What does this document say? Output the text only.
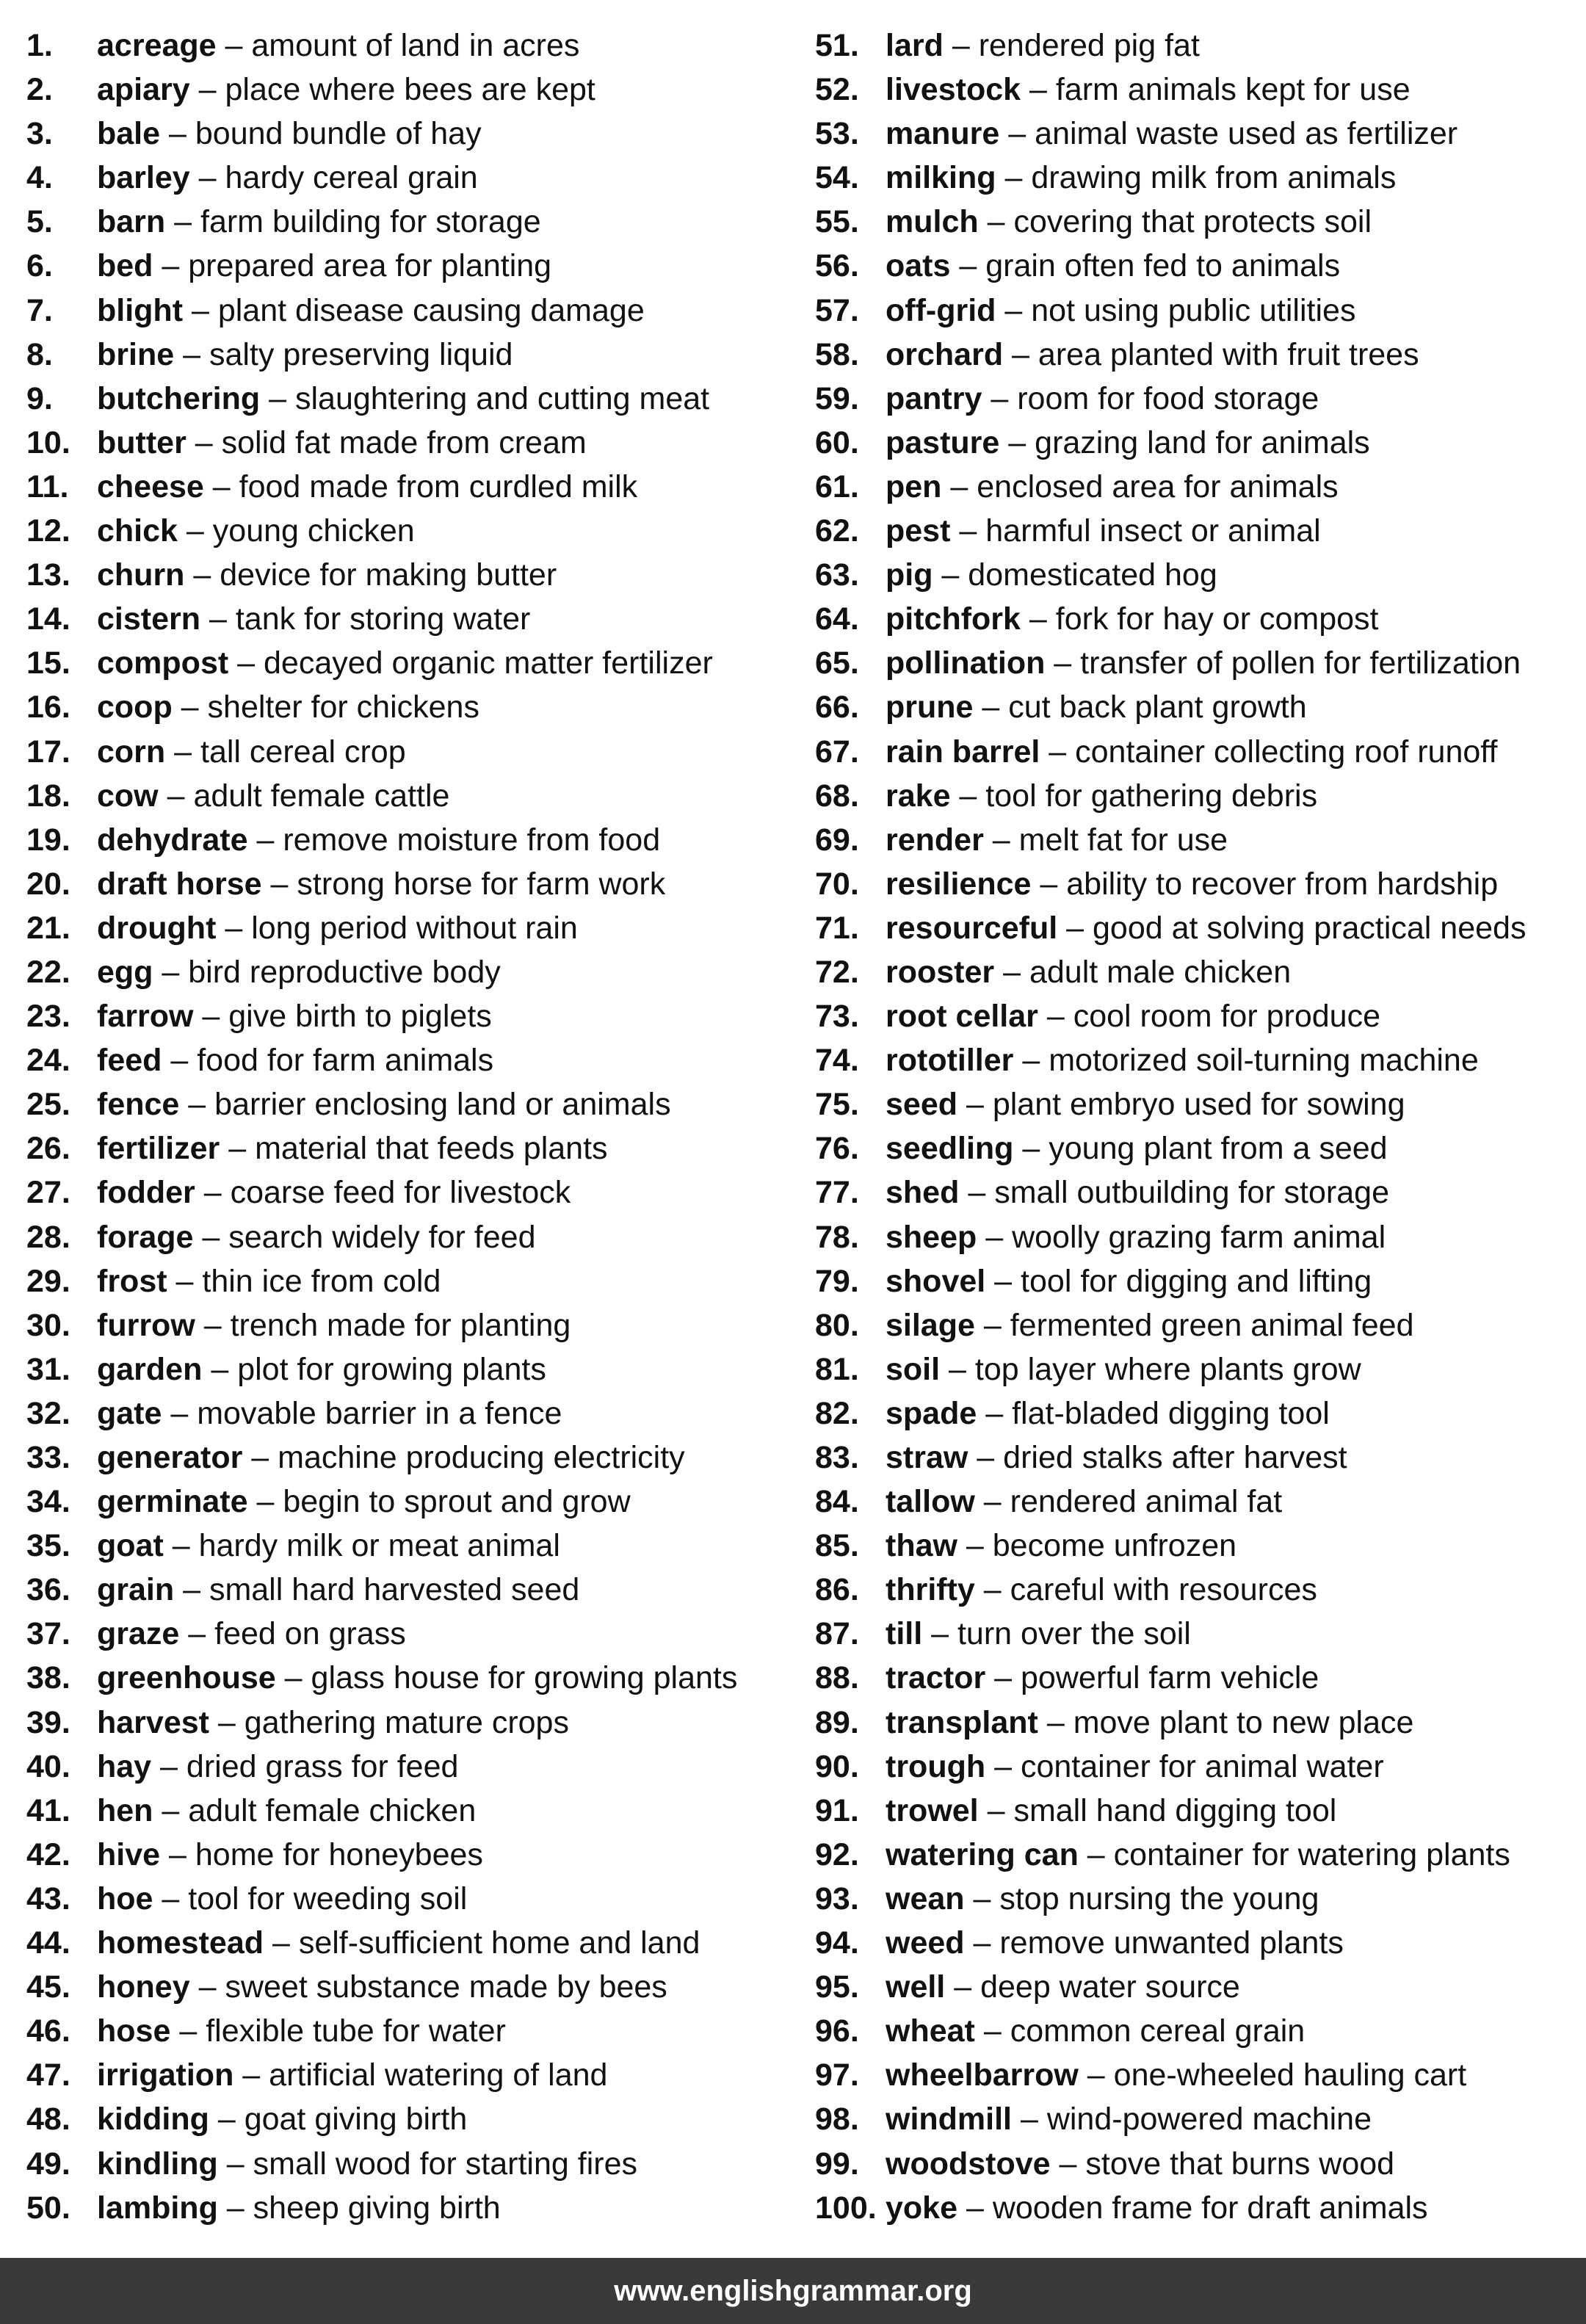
1. acreage – amount of land in acres
2. apiary – place where bees are kept
3. bale – bound bundle of hay
4. barley – hardy cereal grain
5. barn – farm building for storage
6. bed – prepared area for planting
7. blight – plant disease causing damage
8. brine – salty preserving liquid
9. butchering – slaughtering and cutting meat
10. butter – solid fat made from cream
11. cheese – food made from curdled milk
12. chick – young chicken
13. churn – device for making butter
14. cistern – tank for storing water
15. compost – decayed organic matter fertilizer
16. coop – shelter for chickens
17. corn – tall cereal crop
18. cow – adult female cattle
19. dehydrate – remove moisture from food
20. draft horse – strong horse for farm work
21. drought – long period without rain
22. egg – bird reproductive body
23. farrow – give birth to piglets
24. feed – food for farm animals
25. fence – barrier enclosing land or animals
26. fertilizer – material that feeds plants
27. fodder – coarse feed for livestock
28. forage – search widely for feed
29. frost – thin ice from cold
30. furrow – trench made for planting
31. garden – plot for growing plants
32. gate – movable barrier in a fence
33. generator – machine producing electricity
34. germinate – begin to sprout and grow
35. goat – hardy milk or meat animal
36. grain – small hard harvested seed
37. graze – feed on grass
38. greenhouse – glass house for growing plants
39. harvest – gathering mature crops
40. hay – dried grass for feed
41. hen – adult female chicken
42. hive – home for honeybees
43. hoe – tool for weeding soil
44. homestead – self-sufficient home and land
45. honey – sweet substance made by bees
46. hose – flexible tube for water
47. irrigation – artificial watering of land
48. kidding – goat giving birth
49. kindling – small wood for starting fires
50. lambing – sheep giving birth
51. lard – rendered pig fat
52. livestock – farm animals kept for use
53. manure – animal waste used as fertilizer
54. milking – drawing milk from animals
55. mulch – covering that protects soil
56. oats – grain often fed to animals
57. off-grid – not using public utilities
58. orchard – area planted with fruit trees
59. pantry – room for food storage
60. pasture – grazing land for animals
61. pen – enclosed area for animals
62. pest – harmful insect or animal
63. pig – domesticated hog
64. pitchfork – fork for hay or compost
65. pollination – transfer of pollen for fertilization
66. prune – cut back plant growth
67. rain barrel – container collecting roof runoff
68. rake – tool for gathering debris
69. render – melt fat for use
70. resilience – ability to recover from hardship
71. resourceful – good at solving practical needs
72. rooster – adult male chicken
73. root cellar – cool room for produce
74. rototiller – motorized soil-turning machine
75. seed – plant embryo used for sowing
76. seedling – young plant from a seed
77. shed – small outbuilding for storage
78. sheep – woolly grazing farm animal
79. shovel – tool for digging and lifting
80. silage – fermented green animal feed
81. soil – top layer where plants grow
82. spade – flat-bladed digging tool
83. straw – dried stalks after harvest
84. tallow – rendered animal fat
85. thaw – become unfrozen
86. thrifty – careful with resources
87. till – turn over the soil
88. tractor – powerful farm vehicle
89. transplant – move plant to new place
90. trough – container for animal water
91. trowel – small hand digging tool
92. watering can – container for watering plants
93. wean – stop nursing the young
94. weed – remove unwanted plants
95. well – deep water source
96. wheat – common cereal grain
97. wheelbarrow – one-wheeled hauling cart
98. windmill – wind-powered machine
99. woodstove – stove that burns wood
100. yoke – wooden frame for draft animals
www.englishgrammar.org
